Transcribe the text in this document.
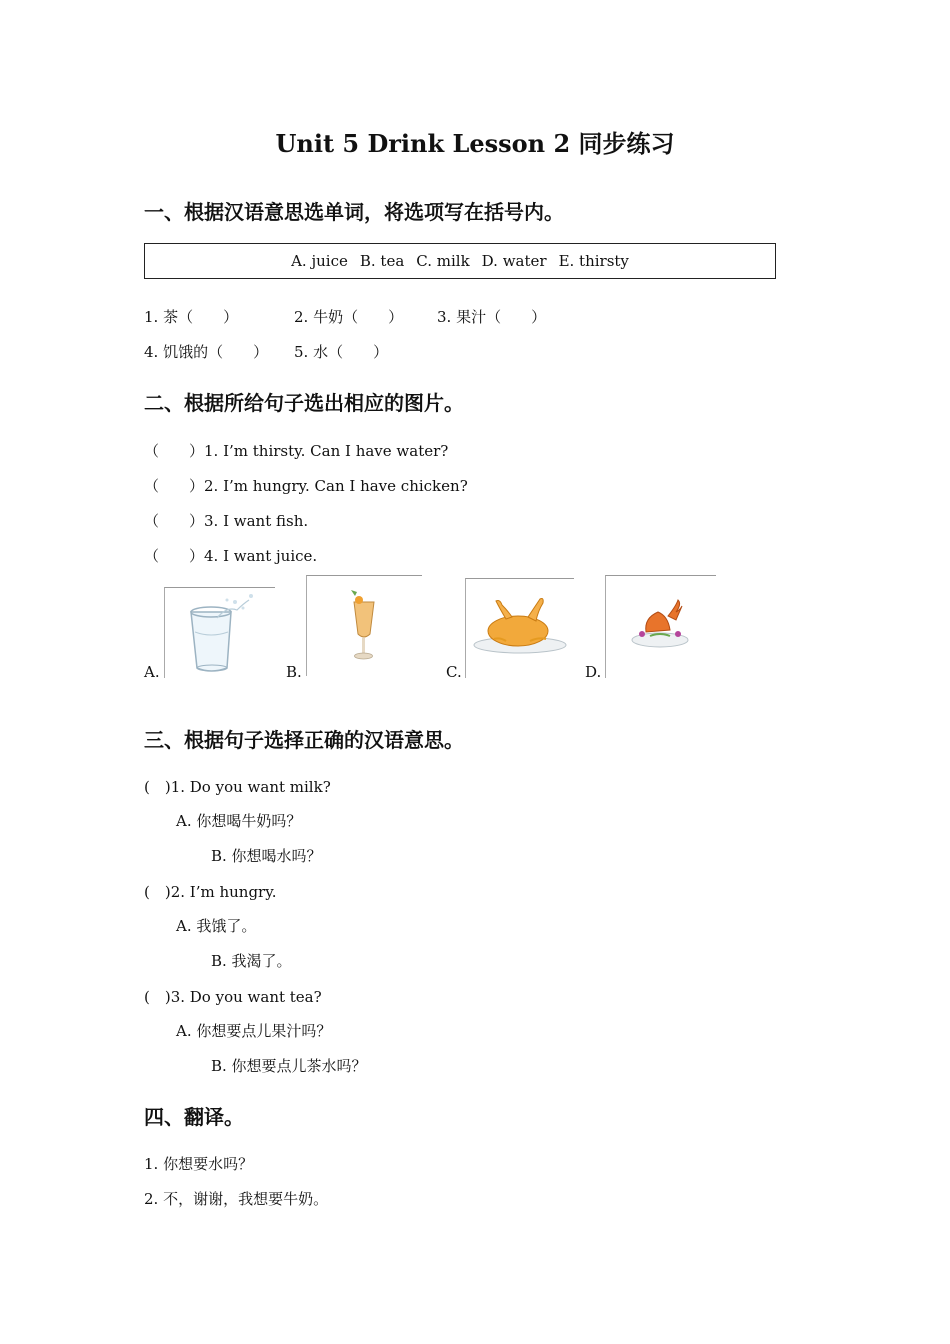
Unit 5 Drink Lesson 2 同步练习
一、根据汉语意思选单词，将选项写在括号内。
A. juice B. tea C. milk D. water E. thirsty
1. 茶（　　）	2. 牛奶（　　） 3. 果汁（　　）
4. 饥饿的（　　） 5. 水（　　）
二、根据所给句子选出相应的图片。
（　　）1. I’m thirsty. Can I have water?
（　　）2. I’m hungry. Can I have chicken?
（　　）3. I want fish.
（　　）4. I want juice.
A.	B.	C.	D.
三、根据句子选择正确的汉语意思。
(　)1. Do you want milk?
A. 你想喝牛奶吗？
B. 你想喝水吗？
(　)2. I’m hungry.
A. 我饿了。
B. 我渴了。
(　)3. Do you want tea?
A. 你想要点儿果汁吗？
B. 你想要点儿茶水吗？
四、翻译。
1. 你想要水吗？
2. 不，谢谢，我想要牛奶。
